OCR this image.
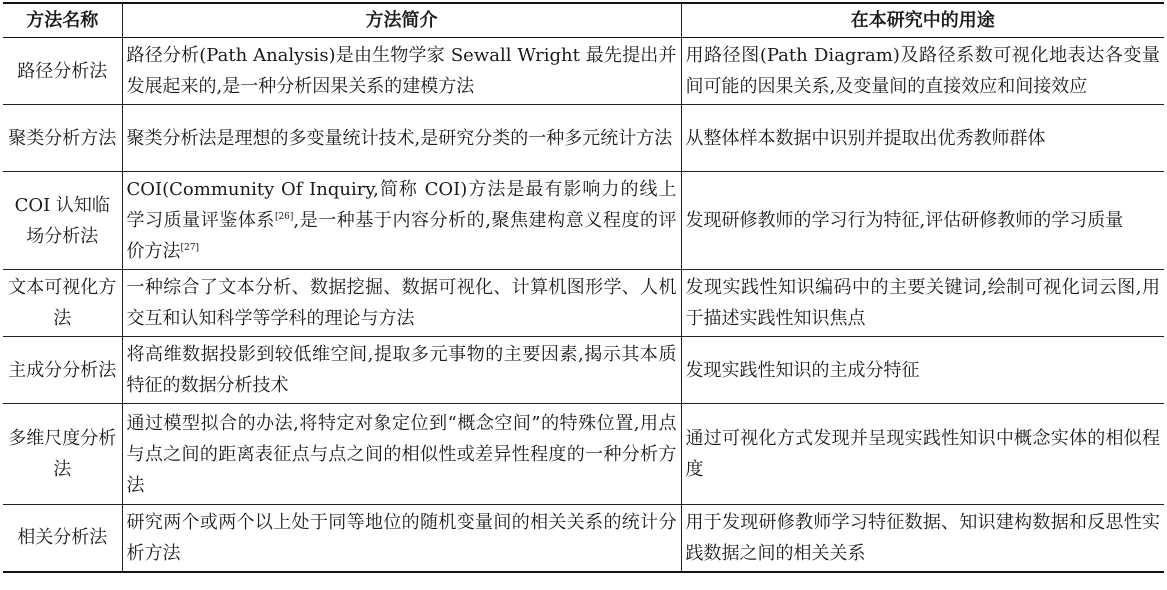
方法名称	方法简介	在本研究中的用途
路径分析法	路径分析(Path Analysis)是由生物学家 Sewall Wright 最先提出并发展起来的,是一种分析因果关系的建模方法	用路径图(Path Diagram)及路径系数可视化地表达各变量间可能的因果关系,及变量间的直接效应和间接效应
聚类分析方法	聚类分析法是理想的多变量统计技术,是研究分类的一种多元统计方法	从整体样本数据中识别并提取出优秀教师群体
COI 认知临场分析法	COI(Community Of Inquiry,简称 COI)方法是最有影响力的线上学习质量评鉴体系[26],是一种基于内容分析的,聚焦建构意义程度的评价方法[27]	发现研修教师的学习行为特征,评估研修教师的学习质量
文本可视化方法	一种综合了文本分析、数据挖掘、数据可视化、计算机图形学、人机交互和认知科学等学科的理论与方法	发现实践性知识编码中的主要关键词,绘制可视化词云图,用于描述实践性知识焦点
主成分分析法	将高维数据投影到较低维空间,提取多元事物的主要因素,揭示其本质特征的数据分析技术	发现实践性知识的主成分特征
多维尺度分析法	通过模型拟合的办法,将特定对象定位到“概念空间”的特殊位置,用点与点之间的距离表征点与点之间的相似性或差异性程度的一种分析方法	通过可视化方式发现并呈现实践性知识中概念实体的相似程度
相关分析法	研究两个或两个以上处于同等地位的随机变量间的相关关系的统计分析方法	用于发现研修教师学习特征数据、知识建构数据和反思性实践数据之间的相关关系
